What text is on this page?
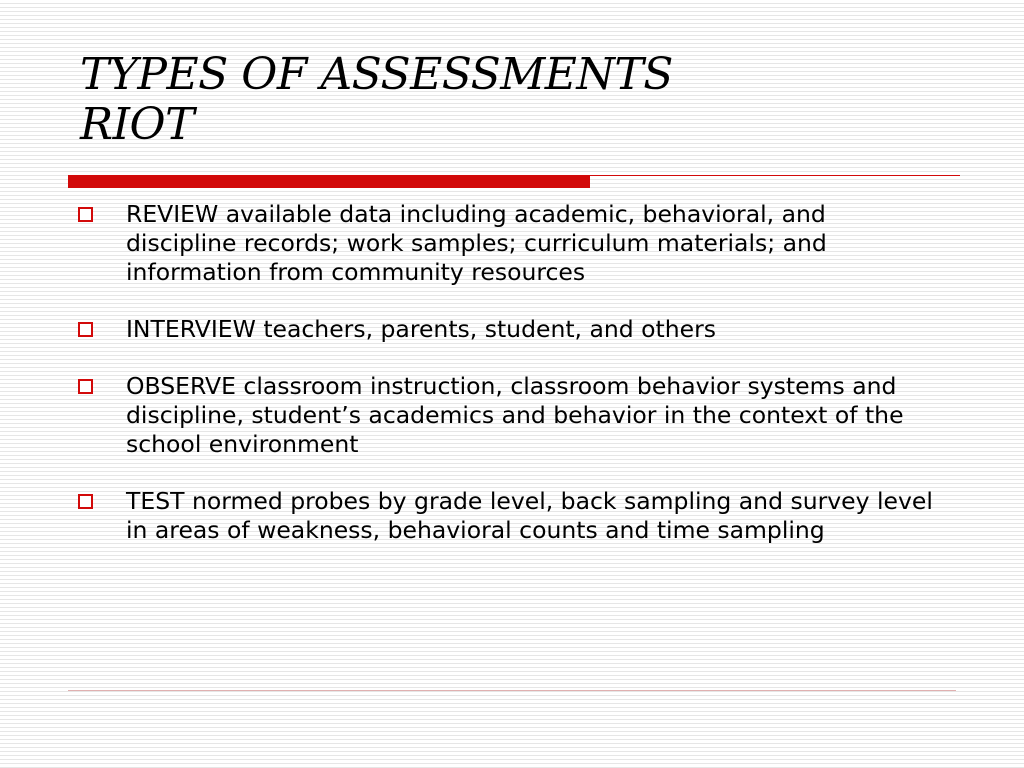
TYPES OF ASSESSMENTS
RIOT
REVIEW available data including academic, behavioral, and discipline records; work samples; curriculum materials; and information from community resources
INTERVIEW teachers, parents, student, and others
OBSERVE classroom instruction, classroom behavior systems and discipline, student’s academics and behavior in the context of the school environment
TEST normed probes by grade level, back sampling and survey level in areas of weakness, behavioral counts and time sampling
